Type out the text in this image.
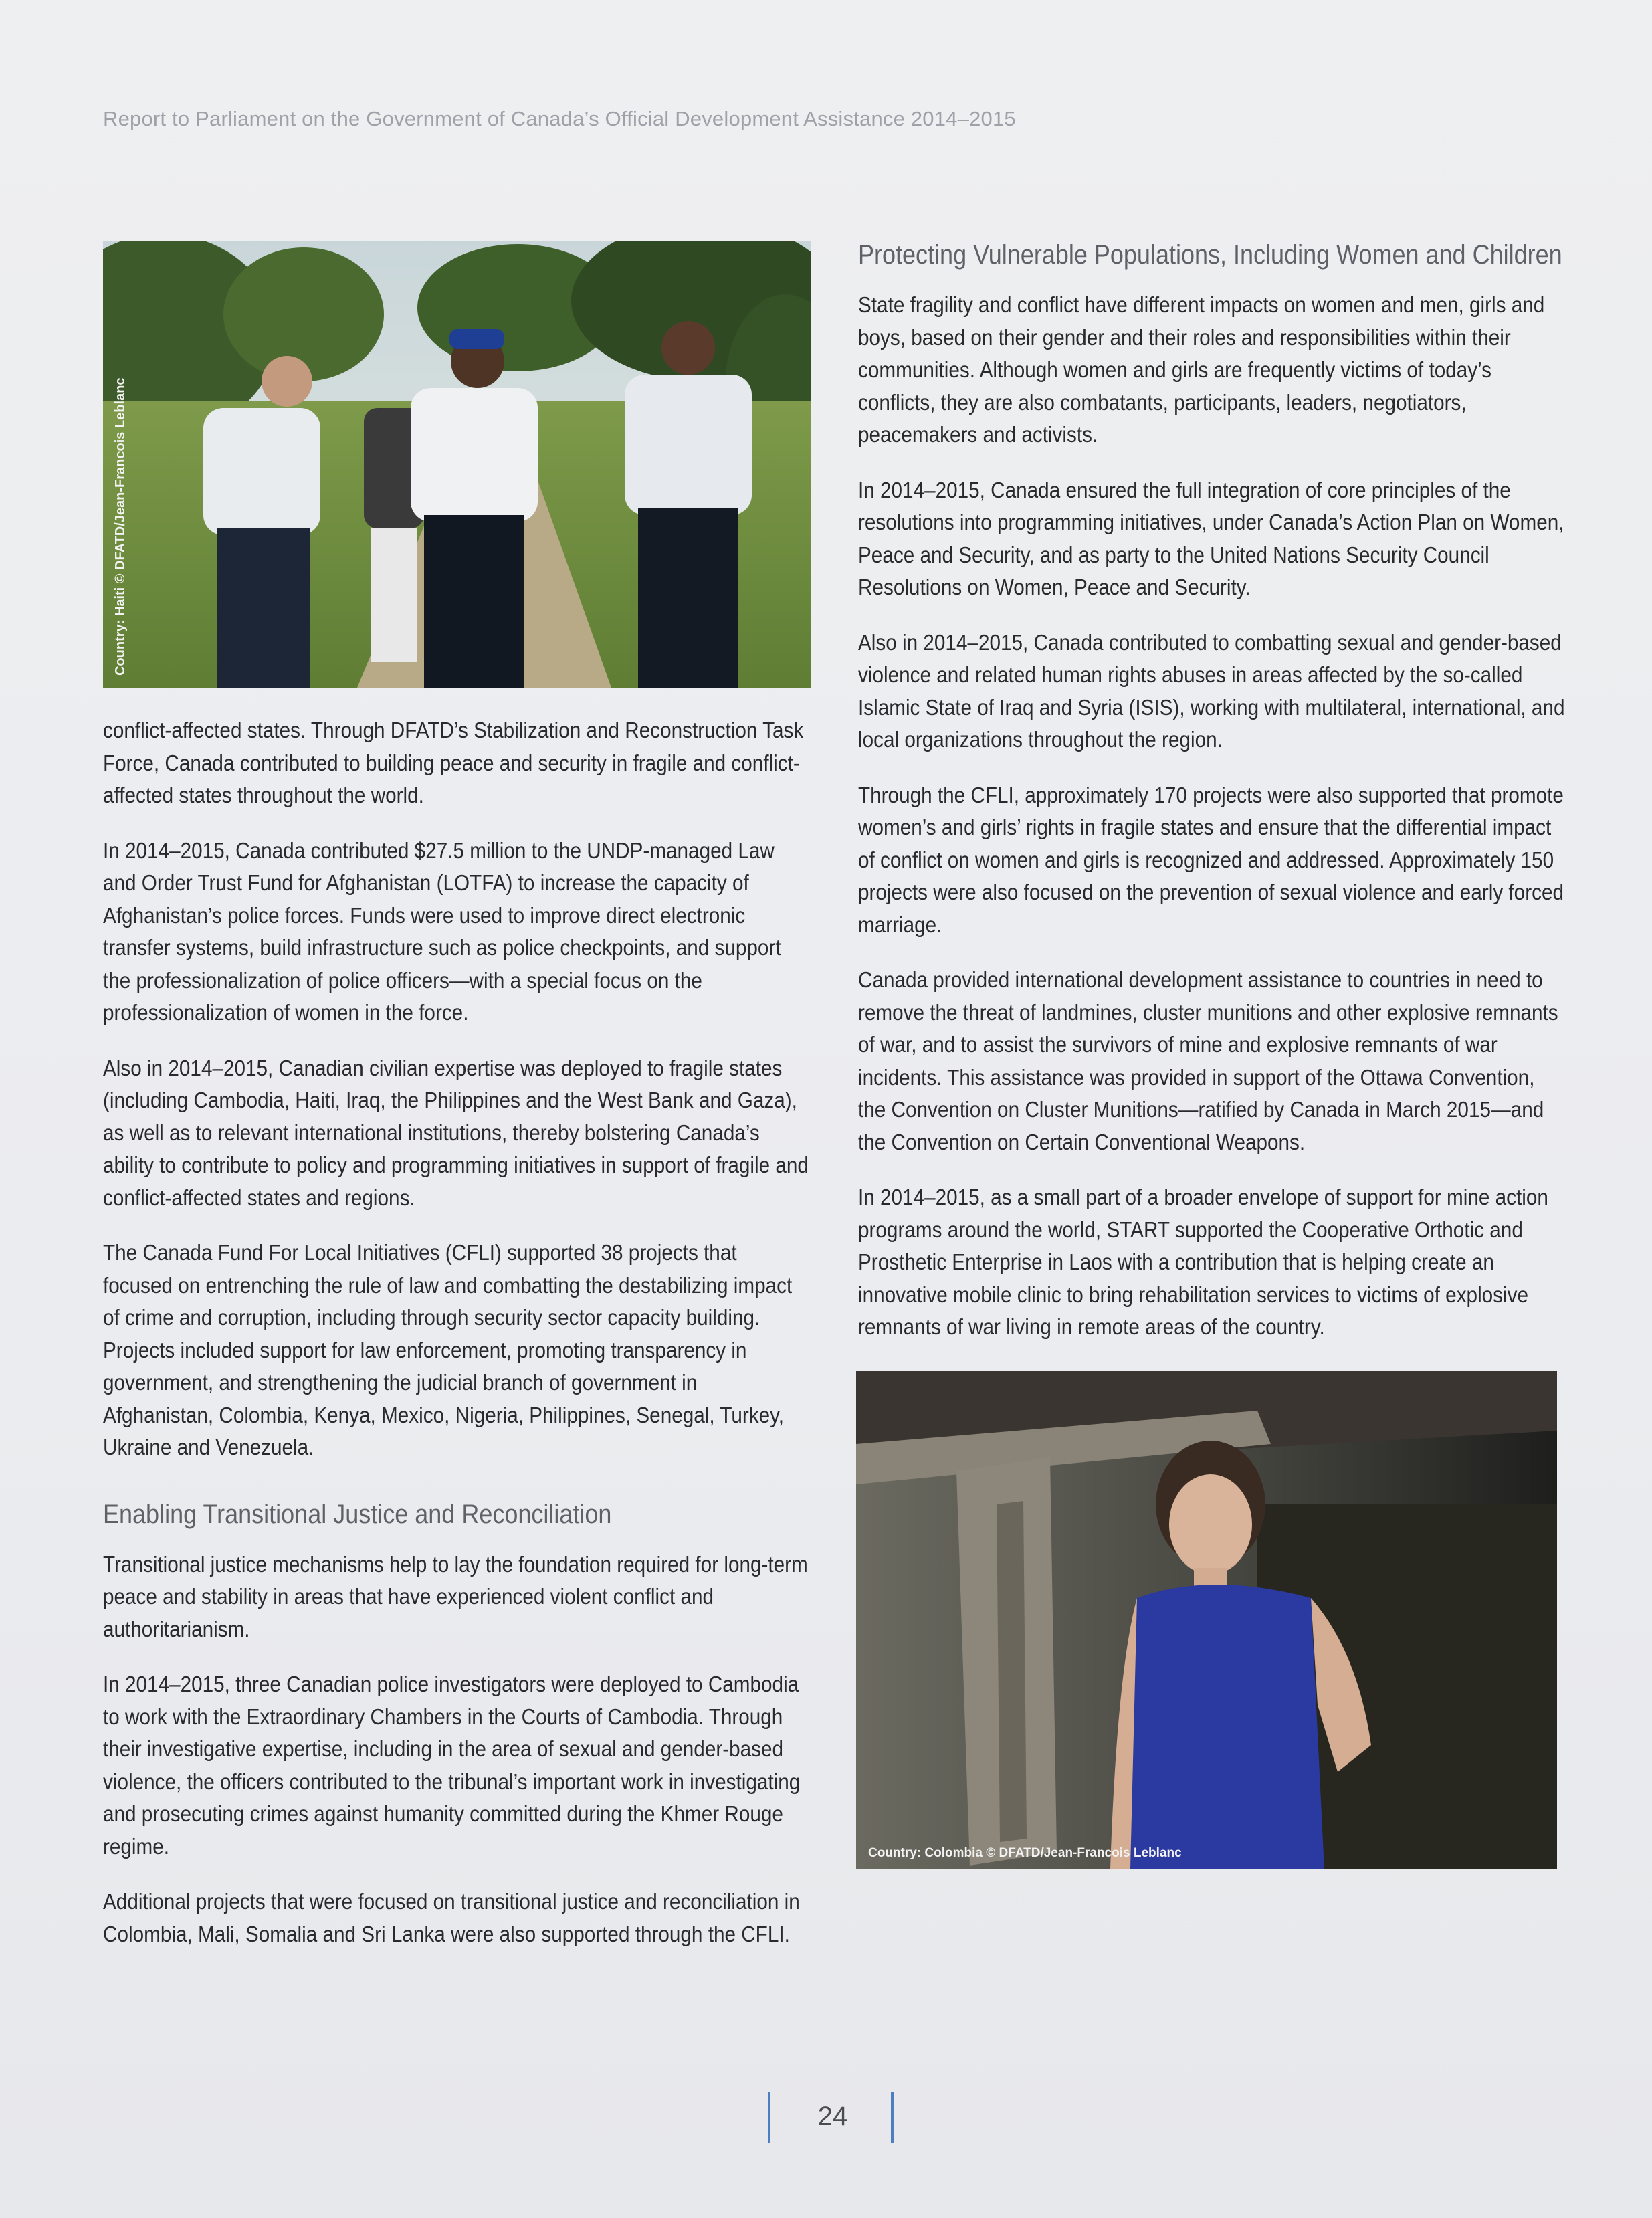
Report to Parliament on the Government of Canada’s Official Development Assistance 2014–2015
Country: Haiti © DFATD/Jean-Francois Leblanc

conflict-affected states. Through DFATD’s Stabilization and Reconstruction Task Force, Canada contributed to building peace and security in fragile and conflict-affected states throughout the world.

In 2014–2015, Canada contributed $27.5 million to the UNDP-managed Law and Order Trust Fund for Afghanistan (LOTFA) to increase the capacity of Afghanistan’s police forces. Funds were used to improve direct electronic transfer systems, build infrastructure such as police checkpoints, and support the professionalization of police officers—with a special focus on the professionalization of women in the force.

Also in 2014–2015, Canadian civilian expertise was deployed to fragile states (including Cambodia, Haiti, Iraq, the Philippines and the West Bank and Gaza), as well as to relevant international institutions, thereby bolstering Canada’s ability to contribute to policy and programming initiatives in support of fragile and conflict-affected states and regions.

The Canada Fund For Local Initiatives (CFLI) supported 38 projects that focused on entrenching the rule of law and combatting the destabilizing impact of crime and corruption, including through security sector capacity building. Projects included support for law enforcement, promoting transparency in government, and strengthening the judicial branch of government in Afghanistan, Colombia, Kenya, Mexico, Nigeria, Philippines, Senegal, Turkey, Ukraine and Venezuela.

Enabling Transitional Justice and Reconciliation

Transitional justice mechanisms help to lay the foundation required for long-term peace and stability in areas that have experienced violent conflict and authoritarianism.

In 2014–2015, three Canadian police investigators were deployed to Cambodia to work with the Extraordinary Chambers in the Courts of Cambodia. Through their investigative expertise, including in the area of sexual and gender-based violence, the officers contributed to the tribunal’s important work in investigating and prosecuting crimes against humanity committed during the Khmer Rouge regime.

Additional projects that were focused on transitional justice and reconciliation in Colombia, Mali, Somalia and Sri Lanka were also supported through the CFLI.

Protecting Vulnerable Populations, Including Women and Children

State fragility and conflict have different impacts on women and men, girls and boys, based on their gender and their roles and responsibilities within their communities. Although women and girls are frequently victims of today’s conflicts, they are also combatants, participants, leaders, negotiators, peacemakers and activists.

In 2014–2015, Canada ensured the full integration of core principles of the resolutions into programming initiatives, under Canada’s Action Plan on Women, Peace and Security, and as party to the United Nations Security Council Resolutions on Women, Peace and Security.

Also in 2014–2015, Canada contributed to combatting sexual and gender-based violence and related human rights abuses in areas affected by the so-called Islamic State of Iraq and Syria (ISIS), working with multilateral, international, and local organizations throughout the region.

Through the CFLI, approximately 170 projects were also supported that promote women’s and girls’ rights in fragile states and ensure that the differential impact of conflict on women and girls is recognized and addressed. Approximately 150 projects were also focused on the prevention of sexual violence and early forced marriage.

Canada provided international development assistance to countries in need to remove the threat of landmines, cluster munitions and other explosive remnants of war, and to assist the survivors of mine and explosive remnants of war incidents. This assistance was provided in support of the Ottawa Convention, the Convention on Cluster Munitions—ratified by Canada in March 2015—and the Convention on Certain Conventional Weapons.

In 2014–2015, as a small part of a broader envelope of support for mine action programs around the world, START supported the Cooperative Orthotic and Prosthetic Enterprise in Laos with a contribution that is helping create an innovative mobile clinic to bring rehabilitation services to victims of explosive remnants of war living in remote areas of the country.

Country: Colombia © DFATD/Jean-Francois Leblanc
24
